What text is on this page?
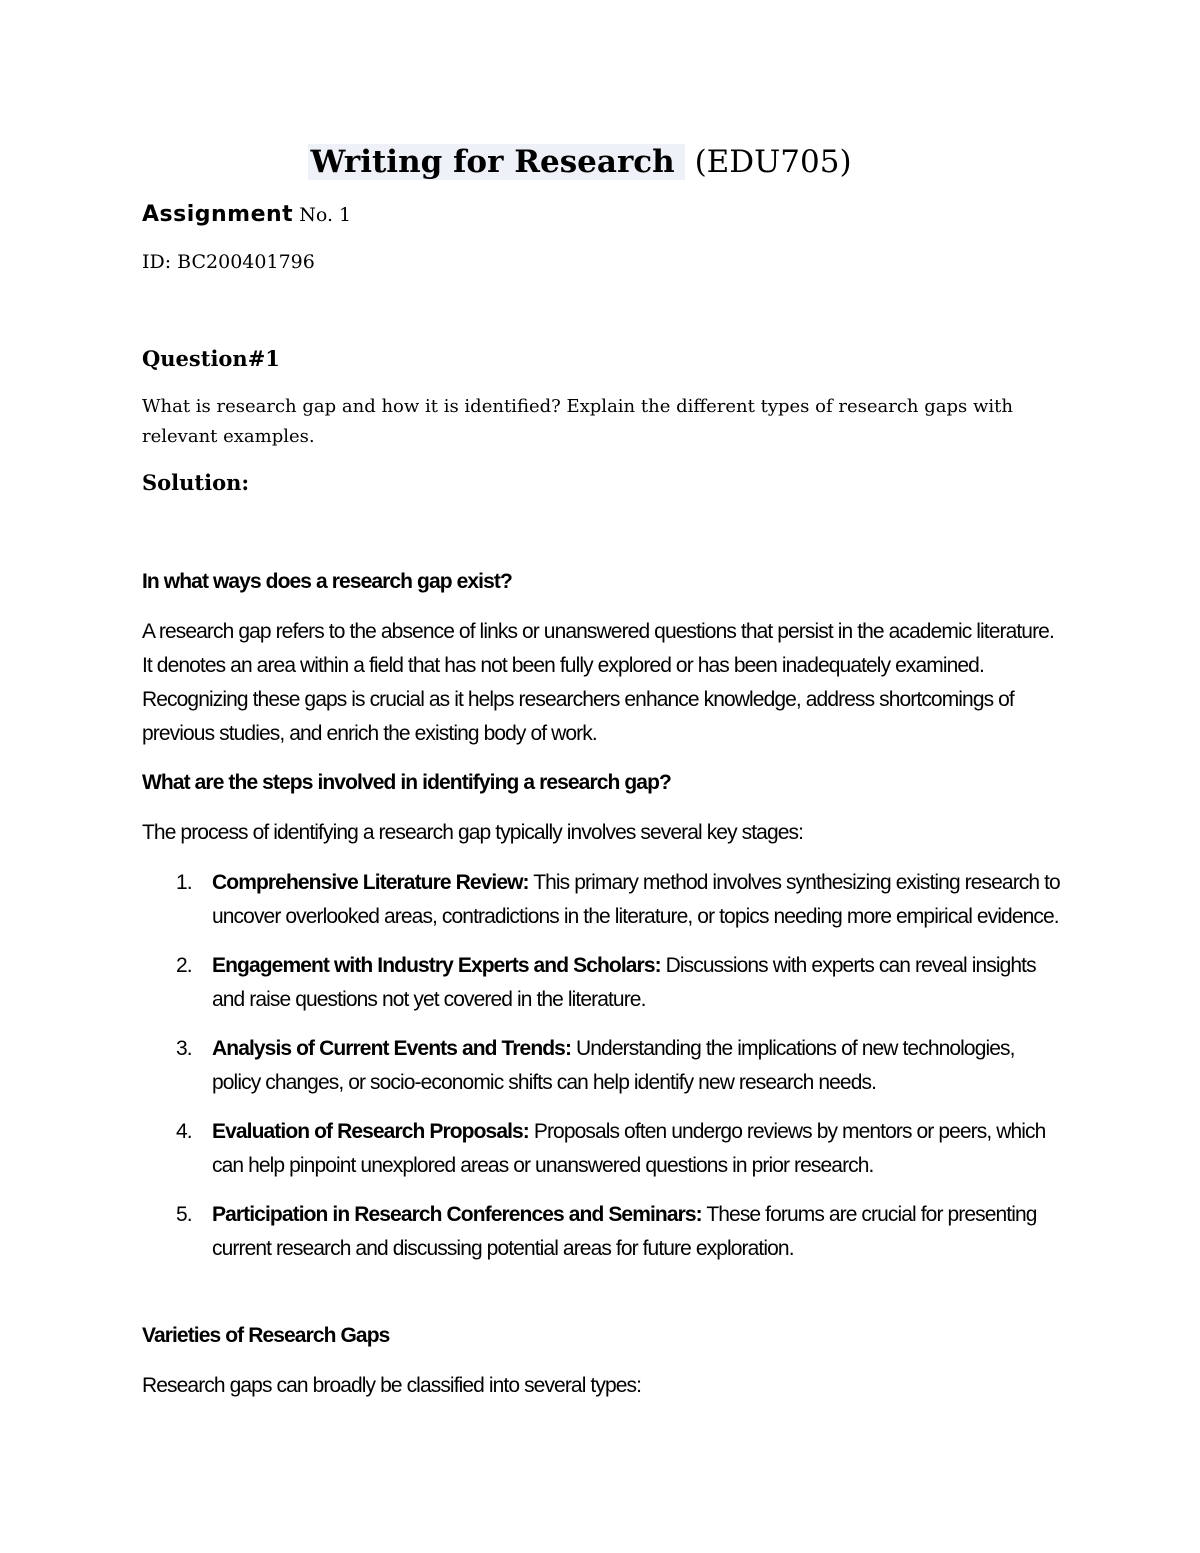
Writing for Research (EDU705)
Assignment No. 1
ID: BC200401796
Question#1
What is research gap and how it is identified? Explain the different types of research gaps with relevant examples.
Solution:
In what ways does a research gap exist?
A research gap refers to the absence of links or unanswered questions that persist in the academic literature. It denotes an area within a field that has not been fully explored or has been inadequately examined. Recognizing these gaps is crucial as it helps researchers enhance knowledge, address shortcomings of previous studies, and enrich the existing body of work.
What are the steps involved in identifying a research gap?
The process of identifying a research gap typically involves several key stages:
1. Comprehensive Literature Review: This primary method involves synthesizing existing research to uncover overlooked areas, contradictions in the literature, or topics needing more empirical evidence.
2. Engagement with Industry Experts and Scholars: Discussions with experts can reveal insights and raise questions not yet covered in the literature.
3. Analysis of Current Events and Trends: Understanding the implications of new technologies, policy changes, or socio-economic shifts can help identify new research needs.
4. Evaluation of Research Proposals: Proposals often undergo reviews by mentors or peers, which can help pinpoint unexplored areas or unanswered questions in prior research.
5. Participation in Research Conferences and Seminars: These forums are crucial for presenting current research and discussing potential areas for future exploration.
Varieties of Research Gaps
Research gaps can broadly be classified into several types:
